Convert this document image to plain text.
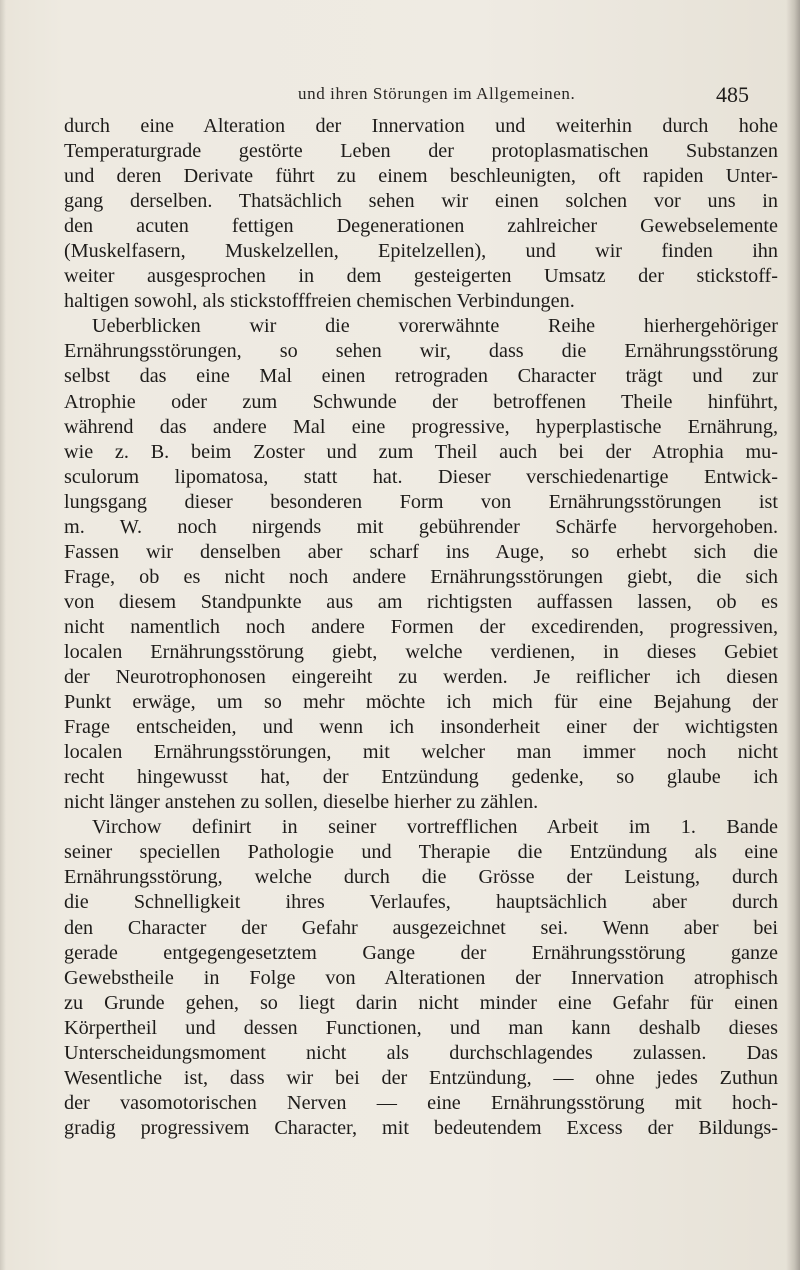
und ihren Störungen im Allgemeinen.	485
durch eine Alteration der Innervation und weiterhin durch hohe
Temperaturgrade gestörte Leben der protoplasmatischen Substanzen
und deren Derivate führt zu einem beschleunigten, oft rapiden Unter-
gang derselben. Thatsächlich sehen wir einen solchen vor uns in
den acuten fettigen Degenerationen zahlreicher Gewebselemente
(Muskelfasern, Muskelzellen, Epitelzellen), und wir finden ihn
weiter ausgesprochen in dem gesteigerten Umsatz der stickstoff-
haltigen sowohl, als stickstofffreien chemischen Verbindungen.
Ueberblicken wir die vorerwähnte Reihe hierhergehöriger
Ernährungsstörungen, so sehen wir, dass die Ernährungsstörung
selbst das eine Mal einen retrograden Character trägt und zur
Atrophie oder zum Schwunde der betroffenen Theile hinführt,
während das andere Mal eine progressive, hyperplastische Ernährung,
wie z. B. beim Zoster und zum Theil auch bei der Atrophia mu-
sculorum lipomatosa, statt hat. Dieser verschiedenartige Entwick-
lungsgang dieser besonderen Form von Ernährungsstörungen ist
m. W. noch nirgends mit gebührender Schärfe hervorgehoben.
Fassen wir denselben aber scharf ins Auge, so erhebt sich die
Frage, ob es nicht noch andere Ernährungsstörungen giebt, die sich
von diesem Standpunkte aus am richtigsten auffassen lassen, ob es
nicht namentlich noch andere Formen der excedirenden, progressiven,
localen Ernährungsstörung giebt, welche verdienen, in dieses Gebiet
der Neurotrophonosen eingereiht zu werden. Je reiflicher ich diesen
Punkt erwäge, um so mehr möchte ich mich für eine Bejahung der
Frage entscheiden, und wenn ich insonderheit einer der wichtigsten
localen Ernährungsstörungen, mit welcher man immer noch nicht
recht hingewusst hat, der Entzündung gedenke, so glaube ich
nicht länger anstehen zu sollen, dieselbe hierher zu zählen.
Virchow definirt in seiner vortrefflichen Arbeit im 1. Bande
seiner speciellen Pathologie und Therapie die Entzündung als eine
Ernährungsstörung, welche durch die Grösse der Leistung, durch
die Schnelligkeit ihres Verlaufes, hauptsächlich aber durch
den Character der Gefahr ausgezeichnet sei. Wenn aber bei
gerade entgegengesetztem Gange der Ernährungsstörung ganze
Gewebstheile in Folge von Alterationen der Innervation atrophisch
zu Grunde gehen, so liegt darin nicht minder eine Gefahr für einen
Körpertheil und dessen Functionen, und man kann deshalb dieses
Unterscheidungsmoment nicht als durchschlagendes zulassen. Das
Wesentliche ist, dass wir bei der Entzündung, — ohne jedes Zuthun
der vasomotorischen Nerven — eine Ernährungsstörung mit hoch-
gradig progressivem Character, mit bedeutendem Excess der Bildungs-
